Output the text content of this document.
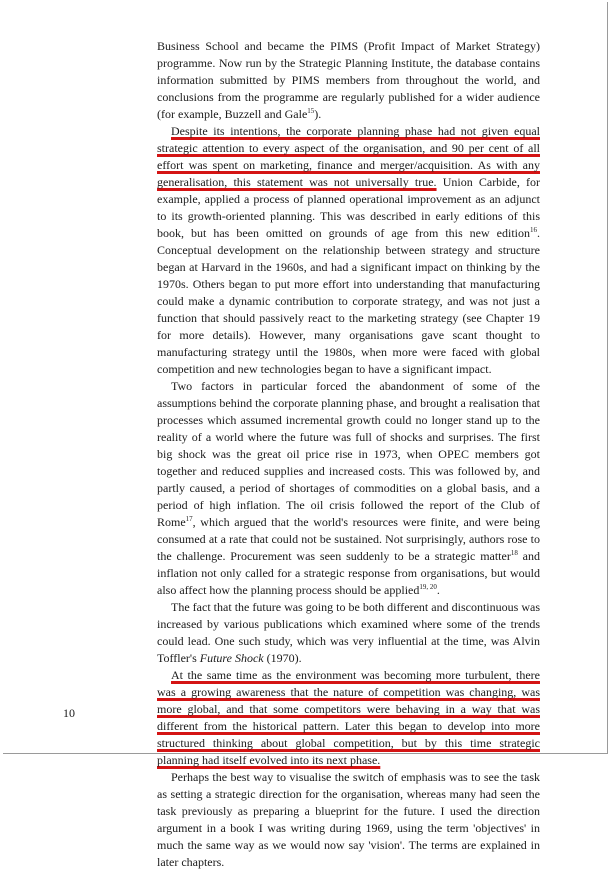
Business School and became the PIMS (Profit Impact of Market Strategy) programme. Now run by the Strategic Planning Institute, the database contains information submitted by PIMS members from throughout the world, and conclusions from the programme are regularly published for a wider audience (for example, Buzzell and Gale$^{15}$).

Despite its intentions, the corporate planning phase had not given equal strategic attention to every aspect of the organisation, and 90 per cent of all effort was spent on marketing, finance and merger/acquisition. As with any generalisation, this statement was not universally true. Union Carbide, for example, applied a process of planned operational improvement as an adjunct to its growth-oriented planning. This was described in early editions of this book, but has been omitted on grounds of age from this new edition$^{16}$. Conceptual development on the relationship between strategy and structure began at Harvard in the 1960s, and had a significant impact on thinking by the 1970s. Others began to put more effort into understanding that manufacturing could make a dynamic contribution to corporate strategy, and was not just a function that should passively react to the marketing strategy (see Chapter 19 for more details). However, many organisations gave scant thought to manufacturing strategy until the 1980s, when more were faced with global competition and new technologies began to have a significant impact.

Two factors in particular forced the abandonment of some of the assumptions behind the corporate planning phase, and brought a realisation that processes which assumed incremental growth could no longer stand up to the reality of a world where the future was full of shocks and surprises. The first big shock was the great oil price rise in 1973, when OPEC members got together and reduced supplies and increased costs. This was followed by, and partly caused, a period of shortages of commodities on a global basis, and a period of high inflation. The oil crisis followed the report of the Club of Rome$^{17}$, which argued that the world's resources were finite, and were being consumed at a rate that could not be sustained. Not surprisingly, authors rose to the challenge. Procurement was seen suddenly to be a strategic matter$^{18}$ and inflation not only called for a strategic response from organisations, but would also affect how the planning process should be applied$^{19, 20}$.

The fact that the future was going to be both different and discontinuous was increased by various publications which examined where some of the trends could lead. One such study, which was very influential at the time, was Alvin Toffler's Future Shock (1970).

At the same time as the environment was becoming more turbulent, there was a growing awareness that the nature of competition was changing, was more global, and that some competitors were behaving in a way that was different from the historical pattern. Later this began to develop into more structured thinking about global competition, but by this time strategic planning had itself evolved into its next phase.

Perhaps the best way to visualise the switch of emphasis was to see the task as setting a strategic direction for the organisation, whereas many had seen the task previously as preparing a blueprint for the future. I used the direction argument in a book I was writing during 1969, using the term 'objectives' in much the same way as we would now say 'vision'. The terms are explained in later chapters.

10
